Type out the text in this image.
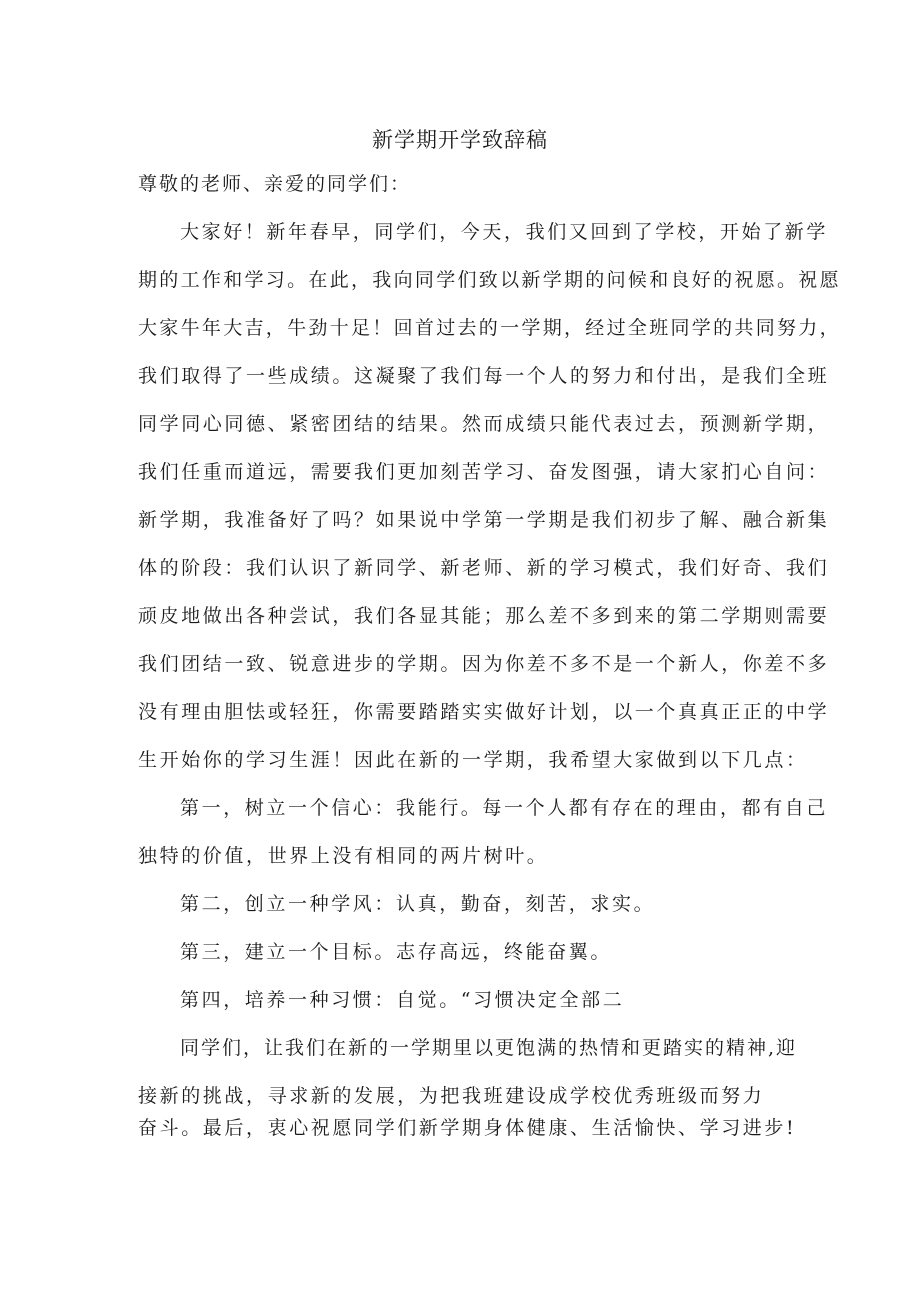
新学期开学致辞稿
尊敬的老师、亲爱的同学们：
大家好！新年春早，同学们，今天，我们又回到了学校，开始了新学
期的工作和学习。在此，我向同学们致以新学期的问候和良好的祝愿。祝愿
大家牛年大吉，牛劲十足！回首过去的一学期，经过全班同学的共同努力，
我们取得了一些成绩。这凝聚了我们每一个人的努力和付出，是我们全班
同学同心同德、紧密团结的结果。然而成绩只能代表过去，预测新学期，
我们任重而道远，需要我们更加刻苦学习、奋发图强，请大家扪心自问：
新学期，我准备好了吗？如果说中学第一学期是我们初步了解、融合新集
体的阶段：我们认识了新同学、新老师、新的学习模式，我们好奇、我们
顽皮地做出各种尝试，我们各显其能；那么差不多到来的第二学期则需要
我们团结一致、锐意进步的学期。因为你差不多不是一个新人，你差不多
没有理由胆怯或轻狂，你需要踏踏实实做好计划，以一个真真正正的中学
生开始你的学习生涯！因此在新的一学期，我希望大家做到以下几点：
第一，树立一个信心：我能行。每一个人都有存在的理由，都有自己
独特的价值，世界上没有相同的两片树叶。
第二，创立一种学风：认真，勤奋，刻苦，求实。
第三，建立一个目标。志存高远，终能奋翼。
第四，培养一种习惯：自觉。“习惯决定全部二
同学们，让我们在新的一学期里以更饱满的热情和更踏实的精神,迎
接新的挑战，寻求新的发展，为把我班建设成学校优秀班级而努力
奋斗。最后，衷心祝愿同学们新学期身体健康、生活愉快、学习进步!
